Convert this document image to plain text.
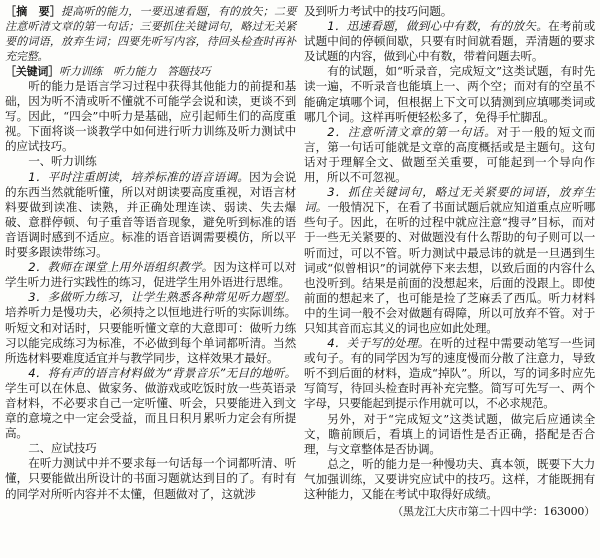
［摘　要］提高听的能力，一要迅速看题，有的放矢；二要注意听清文章的第一句话；三要抓住关键词句，略过无关紧要的词语，放弃生词；四要先听写内容，待回头检查时再补充完整。

［关键词］听力训练　听力能力　答题技巧

听的能力是语言学习过程中获得其他能力的前提和基础，因为听不清或听不懂就不可能学会说和读，更谈不到写。因此，“四会”中听力是基础，应引起师生们的高度重视。下面将谈一谈教学中如何进行听力训练及听力测试中的应试技巧。

一、听力训练

1．平时注重朗读，培养标准的语音语调。因为会说的东西当然就能听懂，所以对朗读要高度重视，对语言材料要做到读准、读熟，并正确处理连读、弱读、失去爆破、意群停顿、句子重音等语音现象，避免听到标准的语音语调时感到不适应。标准的语音语调需要模仿，所以平时要多跟读带练习。

2．教师在课堂上用外语组织教学。因为这样可以对学生听力进行实践性的练习，促进学生用外语进行思维。

3．多做听力练习，让学生熟悉各种常见听力题型。培养听力是慢功夫，必须持之以恒地进行听的实际训练。听短文和对话时，只要能听懂文章的大意即可：做听力练习以能完成练习为标准，不必做到每个单词都听清。当然所选材料要难度适宜并与教学同步，这样效果才最好。

4．将有声的语言材料做为“背景音乐”无目的地听。学生可以在休息、做家务、做游戏或吃饭时放一些英语录音材料，不必要求自己一定听懂、听会，只要能进入到文章的意境之中一定会受益，而且日积月累听力定会有所提高。

二、应试技巧

在听力测试中并不要求每一句话每一个词都听清、听懂，只要能做出所设计的书面习题就达到目的了。有时有的同学对所听内容并不太懂，但题做对了，这就涉

及到听力考试中的技巧问题。

1．迅速看题，做到心中有数，有的放矢。在考前或试题中间的停顿间歇，只要有时间就看题，弄清题的要求及试题的内容，做到心中有数，带着问题去听。

有的试题，如“听录音，完成短文”这类试题，有时先读一遍，不听录音也能填上一、两个空；而对有的空虽不能确定填哪个词，但根据上下文可以猜测到应填哪类词或哪几个词。这样再听便轻松多了，免得手忙脚乱。

2．注意听清文章的第一句话。对于一般的短文而言，第一句话可能就是文章的高度概括或是主题句。这句话对于理解全文、做题至关重要，可能起到一个导向作用，所以不可忽视。

3．抓住关键词句，略过无关紧要的词语，放弃生词。一般情况下，在看了书面试题后就应知道重点应听哪些句子。因此，在听的过程中就应注意“搜寻”目标，而对于一些无关紧要的、对做题没有什么帮助的句子则可以一听而过，可以不管。听力测试中最忌讳的就是一旦遇到生词或“似曾相识”的词就停下来去想，以致后面的内容什么也没听到。结果是前面的没想起来，后面的没跟上。即使前面的想起来了，也可能是捡了芝麻丢了西瓜。听力材料中的生词一般不会对做题有碍障，所以可放弃不管。对于只知其音而忘其义的词也应如此处理。

4．关于写的处理。在听的过程中需要动笔写一些词或句子。有的同学因为写的速度慢而分散了注意力，导致听不到后面的材料，造成“掉队”。所以，写的词多时应先写简写，待回头检查时再补充完整。简写可先写一、两个字母，只要能起到提示作用就可以，不必求规范。

另外，对于“完成短文”这类试题，做完后应通读全文，瞻前顾后，看填上的词语性是否正确，搭配是否合理，与文章整体是否协调。

总之，听的能力是一种慢功夫、真本领，既要下大力气加强训练，又要讲究应试中的技巧。这样，才能既拥有这种能力，又能在考试中取得好成绩。

（黑龙江大庆市第二十四中学：163000）
